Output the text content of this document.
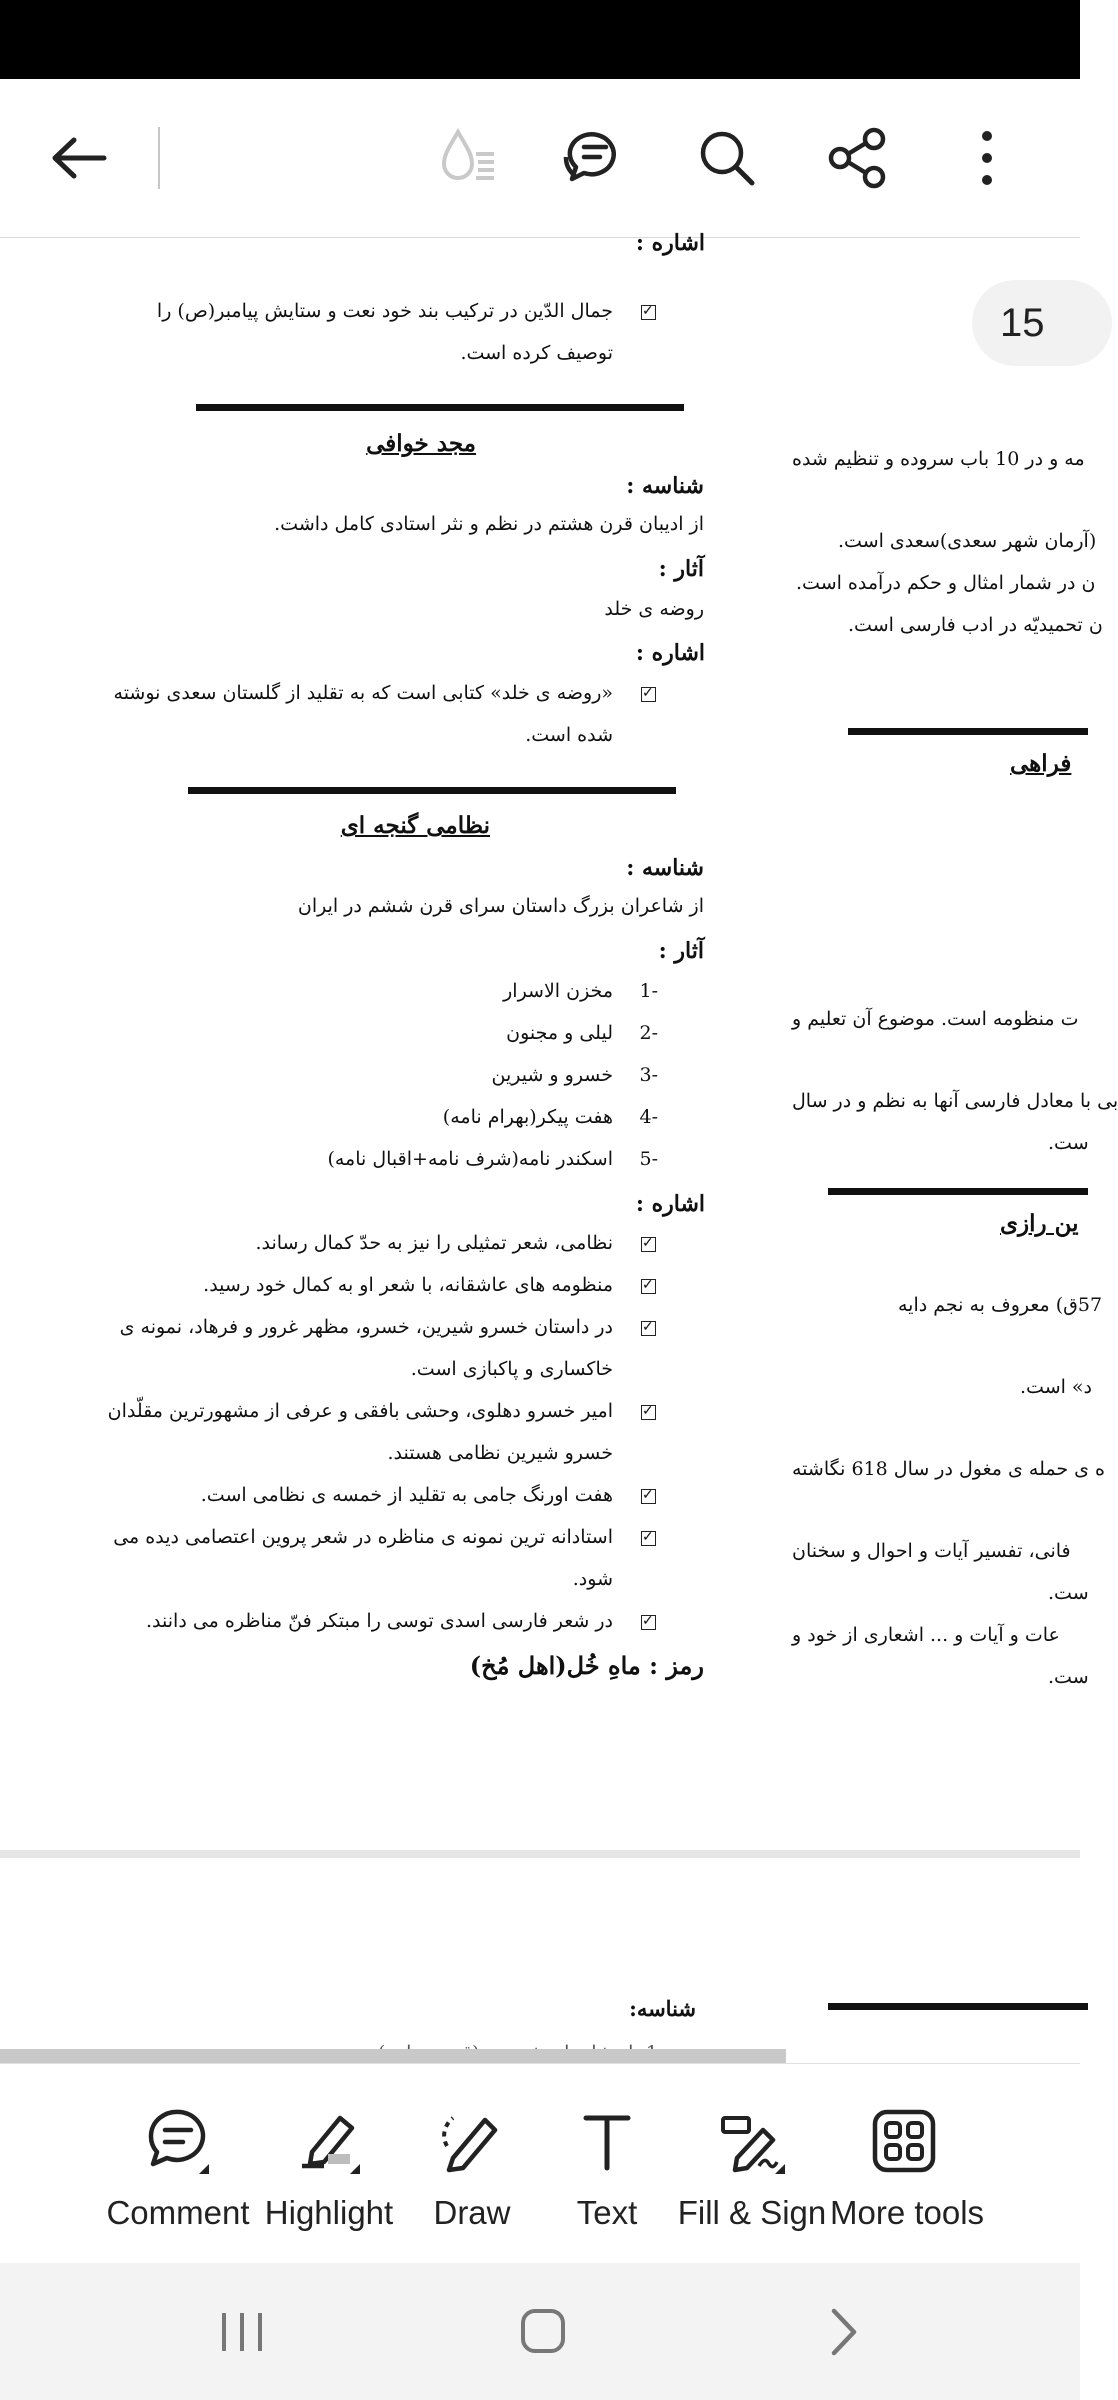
اشاره :
✓
جمال الدّین در ترکیب بند خود نعت و ستایش پیامبر(ص) را
توصیف کرده است.
مجد خوافی
شناسه :
از ادیبان قرن هشتم در نظم و نثر استادی کامل داشت.
آثار :
روضه ی خلد
اشاره :
✓
«روضه ی خلد» کتابی است که به تقلید از گلستان سعدی نوشته
شده است.
نظامی گنجه ای
شناسه :
از شاعران بزرگ داستان سرای قرن ششم در ایران
آثار :
1-
مخزن الاسرار
2-
لیلی و مجنون
3-
خسرو و شیرین
4-
هفت پیکر(بهرام نامه)
5-
اسکندر نامه(شرف نامه+اقبال نامه)
اشاره :
✓
نظامی، شعر تمثیلی را نیز به حدّ کمال رساند.
✓
منظومه های عاشقانه، با شعر او به کمال خود رسید.
✓
در داستان خسرو شیرین، خسرو، مظهر غرور و فرهاد، نمونه ی
خاکساری و پاکبازی است.
✓
امیر خسرو دهلوی، وحشی بافقی و عرفی از مشهورترین مقلّدان
خسرو شیرین نظامی هستند.
✓
هفت اورنگ جامی به تقلید از خمسه ی نظامی است.
✓
استادانه ترین نمونه ی مناظره در شعر پروین اعتصامی دیده می
شود.
✓
در شعر فارسی اسدی توسی را مبتکر فنّ مناظره می دانند.
رمز : ماهِ خُل(اهل مُخ)
15
مه و در 10 باب سروده و تنظیم شده
(آرمان شهر سعدی)سعدی است.
ن در شمار امثال و حکم درآمده است.
ن تحمیدیّه در ادب فارسی است.
فراهی
ت منظومه است. موضوع آن تعلیم و
بی با معادل فارسی آنها به نظم و در سال
ست.
ین رازی
57ق) معروف به نجم دایه
د» است.
ه ی حمله ی مغول در سال 618 نگاشته
فانی، تفسیر آیات و احوال و سخنان
ست.
عات و آیات و ... اشعاری از خود و
ست.
شناسه:
Comment Highlight	Draw	Text	Fill & Sign More tools
